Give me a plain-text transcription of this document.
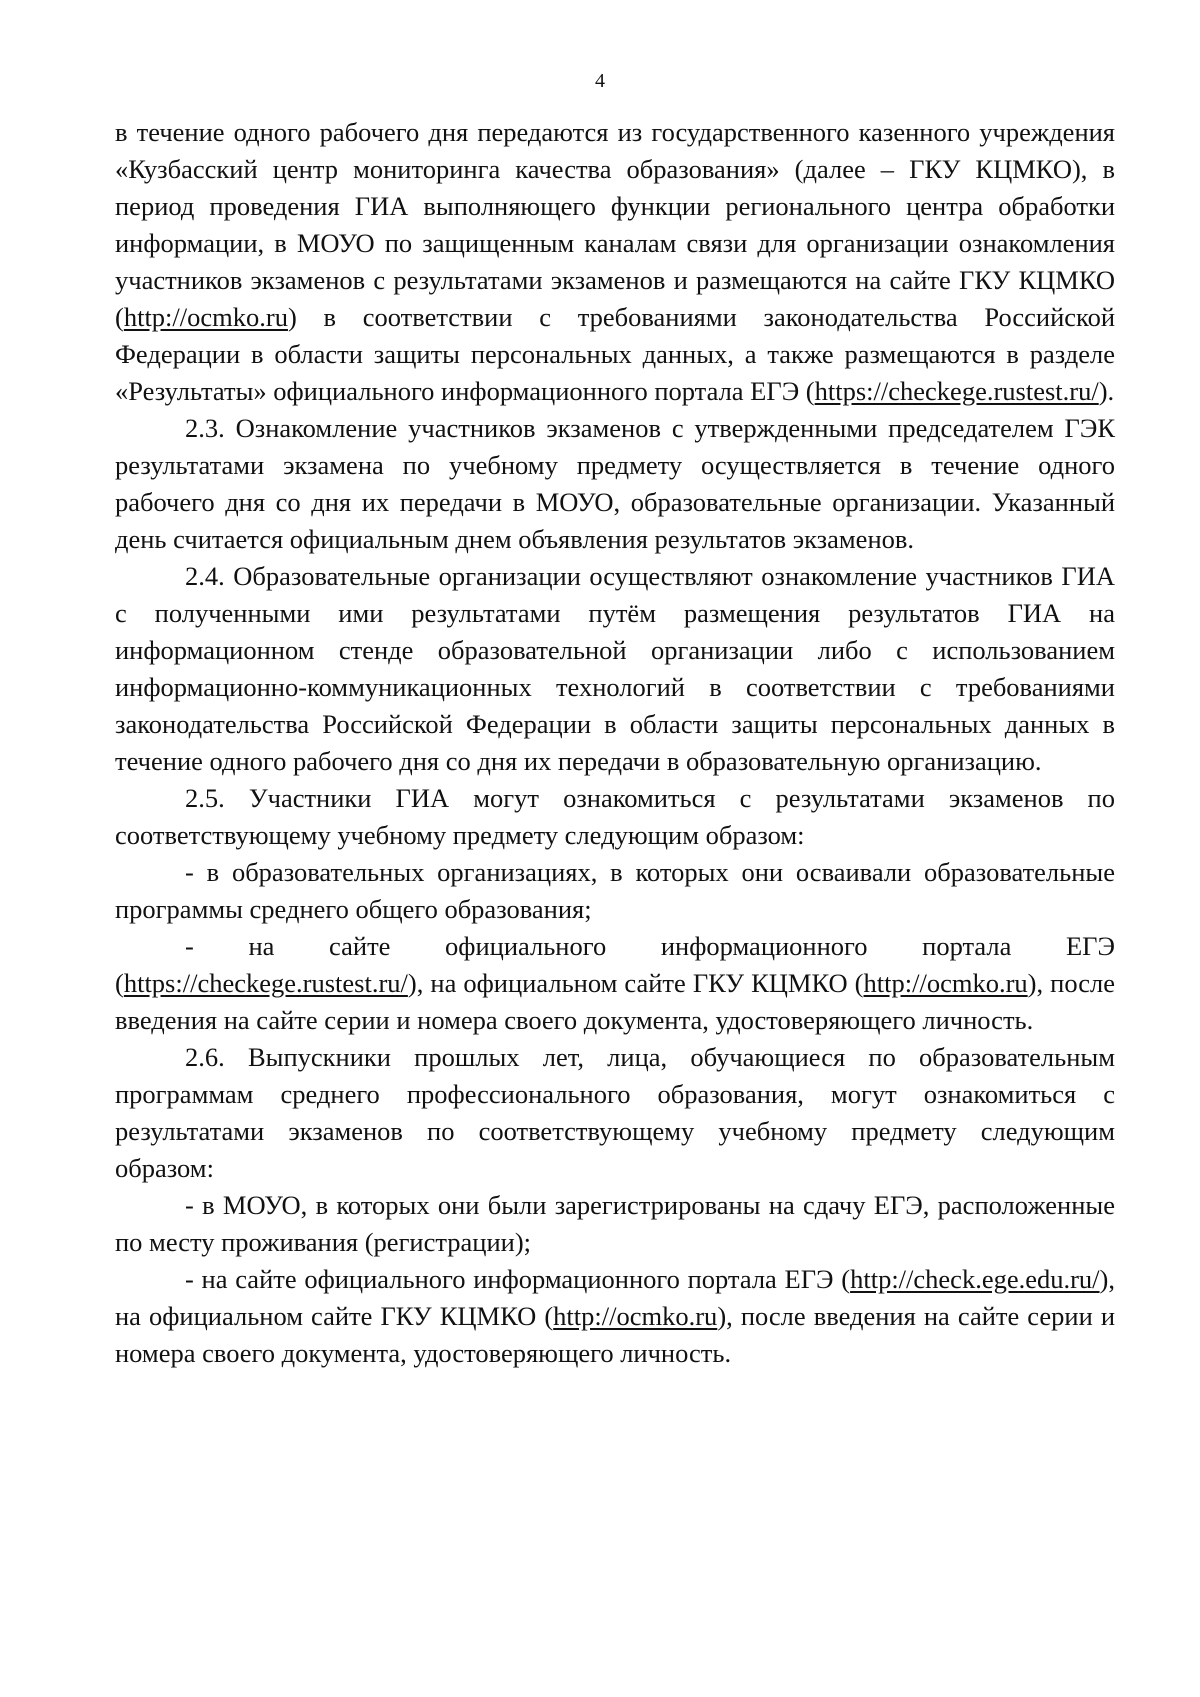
4

в течение одного рабочего дня передаются из государственного казенного учреждения «Кузбасский центр мониторинга качества образования» (далее – ГКУ КЦМКО), в период проведения ГИА выполняющего функции регионального центра обработки информации, в МОУО по защищенным каналам связи для организации ознакомления участников экзаменов с результатами экзаменов и размещаются на сайте ГКУ КЦМКО (http://ocmko.ru) в соответствии с требованиями законодательства Российской Федерации в области защиты персональных данных, а также размещаются в разделе «Результаты» официального информационного портала ЕГЭ (https://checkege.rustest.ru/).

2.3. Ознакомление участников экзаменов с утвержденными председателем ГЭК результатами экзамена по учебному предмету осуществляется в течение одного рабочего дня со дня их передачи в МОУО, образовательные организации. Указанный день считается официальным днем объявления результатов экзаменов.

2.4. Образовательные организации осуществляют ознакомление участников ГИА с полученными ими результатами путём размещения результатов ГИА на информационном стенде образовательной организации либо с использованием информационно-коммуникационных технологий в соответствии с требованиями законодательства Российской Федерации в области защиты персональных данных в течение одного рабочего дня со дня их передачи в образовательную организацию.

2.5. Участники ГИА могут ознакомиться с результатами экзаменов по соответствующему учебному предмету следующим образом:

- в образовательных организациях, в которых они осваивали образовательные программы среднего общего образования;

- на сайте официального информационного портала ЕГЭ (https://checkege.rustest.ru/), на официальном сайте ГКУ КЦМКО (http://ocmko.ru), после введения на сайте серии и номера своего документа, удостоверяющего личность.

2.6. Выпускники прошлых лет, лица, обучающиеся по образовательным программам среднего профессионального образования, могут ознакомиться с результатами экзаменов по соответствующему учебному предмету следующим образом:

- в МОУО, в которых они были зарегистрированы на сдачу ЕГЭ, расположенные по месту проживания (регистрации);

- на сайте официального информационного портала ЕГЭ (http://check.ege.edu.ru/), на официальном сайте ГКУ КЦМКО (http://ocmko.ru), после введения на сайте серии и номера своего документа, удостоверяющего личность.
